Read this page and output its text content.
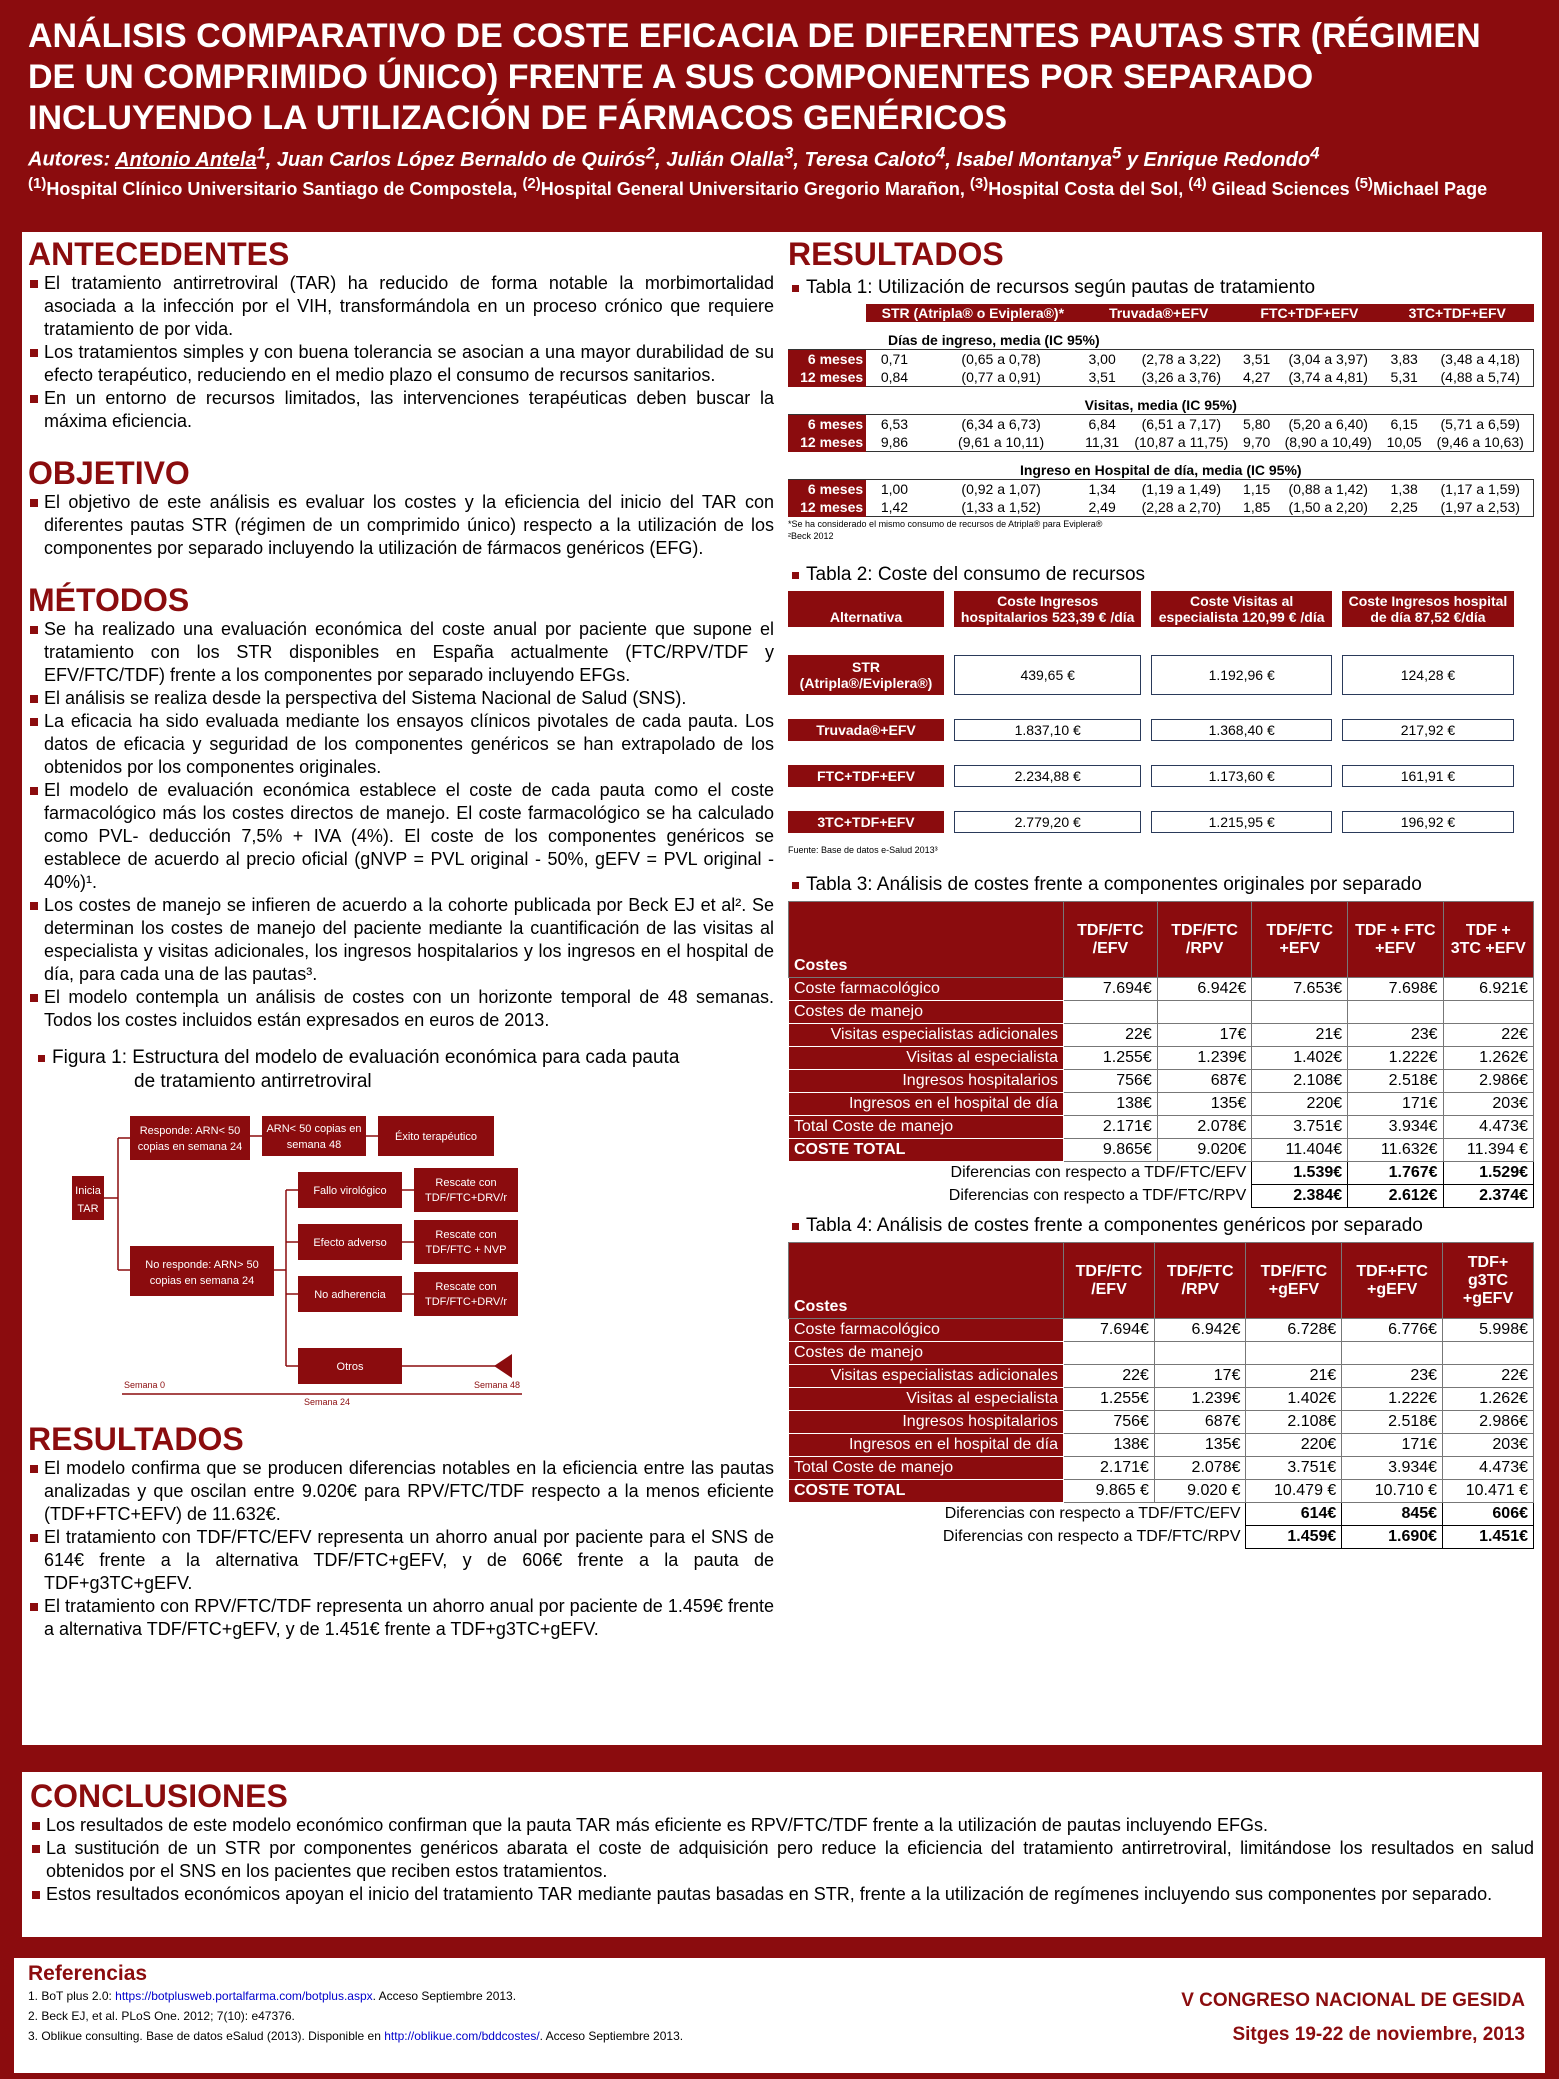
ANÁLISIS COMPARATIVO DE COSTE EFICACIA DE DIFERENTES PAUTAS STR (RÉGIMEN DE UN COMPRIMIDO ÚNICO) FRENTE A SUS COMPONENTES POR SEPARADO INCLUYENDO LA UTILIZACIÓN DE FÁRMACOS GENÉRICOS
Autores: Antonio Antela$^1$, Juan Carlos López Bernaldo de Quirós$^2$, Julián Olalla$^3$, Teresa Caloto$^4$, Isabel Montanya$^5$ y Enrique Redondo$^4$
$^{(1)}$Hospital Clínico Universitario Santiago de Compostela, $^{(2)}$Hospital General Universitario Gregorio Marañon, $^{(3)}$Hospital Costa del Sol, $^{(4)}$ Gilead Sciences $^{(5)}$Michael Page
ANTECEDENTES
El tratamiento antirretroviral (TAR) ha reducido de forma notable la morbimortalidad asociada a la infección por el VIH, transformándola en un proceso crónico que requiere tratamiento de por vida.
Los tratamientos simples y con buena tolerancia se asocian a una mayor durabilidad de su efecto terapéutico, reduciendo en el medio plazo el consumo de recursos sanitarios.
En un entorno de recursos limitados, las intervenciones terapéuticas deben buscar la máxima eficiencia.
OBJETIVO
El objetivo de este análisis es evaluar los costes y la eficiencia del inicio del TAR con diferentes pautas STR (régimen de un comprimido único) respecto a la utilización de los componentes por separado incluyendo la utilización de fármacos genéricos (EFG).
MÉTODOS
Se ha realizado una evaluación económica del coste anual por paciente que supone el tratamiento con los STR disponibles en España actualmente (FTC/RPV/TDF y EFV/FTC/TDF) frente a los componentes por separado incluyendo EFGs.
El análisis se realiza desde la perspectiva del Sistema Nacional de Salud (SNS).
La eficacia ha sido evaluada mediante los ensayos clínicos pivotales de cada pauta. Los datos de eficacia y seguridad de los componentes genéricos se han extrapolado de los obtenidos por los componentes originales.
El modelo de evaluación económica establece el coste de cada pauta como el coste farmacológico más los costes directos de manejo. El coste farmacológico se ha calculado como PVL- deducción 7,5% + IVA (4%). El coste de los componentes genéricos se establece de acuerdo al precio oficial (gNVP = PVL original - 50%, gEFV = PVL original - 40%)¹.
Los costes de manejo se infieren de acuerdo a la cohorte publicada por Beck EJ et al². Se determinan los costes de manejo del paciente mediante la cuantificación de las visitas al especialista y visitas adicionales, los ingresos hospitalarios y los ingresos en el hospital de día, para cada una de las pautas³.
El modelo contempla un análisis de costes con un horizonte temporal de 48 semanas. Todos los costes incluidos están expresados en euros de 2013.
Figura 1: Estructura del modelo de evaluación económica para cada pauta
de tratamiento antirretroviral
Inicia
TAR
Responde: ARN< 50
copias en semana 24
ARN< 50 copias en
semana 48
Éxito terapéutico
No responde: ARN> 50
copias en semana 24
Fallo virológico
Efecto adverso
No adherencia
Otros
Rescate con
TDF/FTC+DRV/r
Rescate con
TDF/FTC + NVP
Rescate con
TDF/FTC+DRV/r
Semana 0
Semana 24
Semana 48
RESULTADOS
El modelo confirma que se producen diferencias notables en la eficiencia entre las pautas analizadas y que oscilan entre 9.020€ para RPV/FTC/TDF respecto a la menos eficiente (TDF+FTC+EFV) de 11.632€.
El tratamiento con TDF/FTC/EFV representa un ahorro anual por paciente para el SNS de 614€ frente a la alternativa TDF/FTC+gEFV, y de 606€ frente a la pauta de TDF+g3TC+gEFV.
El tratamiento con RPV/FTC/TDF representa un ahorro anual por paciente de 1.459€ frente a alternativa TDF/FTC+gEFV, y de 1.451€ frente a TDF+g3TC+gEFV.
RESULTADOS
Tabla 1: Utilización de recursos según pautas de tratamiento
	STR (Atripla® o Eviplera®)*		Truvada®+EFV		FTC+TDF+EFV		3TC+TDF+EFV	
Días de ingreso, media (IC 95%)								
6 meses	0,71	(0,65 a 0,78)	3,00	(2,78 a 3,22)	3,51	(3,04 a 3,97)	3,83	(3,48 a 4,18)
12 meses	0,84	(0,77 a 0,91)	3,51	(3,26 a 3,76)	4,27	(3,74 a 4,81)	5,31	(4,88 a 5,74)
Visitas, media (IC 95%)								
6 meses	6,53	(6,34 a 6,73)	6,84	(6,51 a 7,17)	5,80	(5,20 a 6,40)	6,15	(5,71 a 6,59)
12 meses	9,86	(9,61 a 10,11)	11,31	(10,87 a 11,75)	9,70	(8,90 a 10,49)	10,05	(9,46 a 10,63)
Ingreso en Hospital de día, media (IC 95%)								
6 meses	1,00	(0,92 a 1,07)	1,34	(1,19 a 1,49)	1,15	(0,88 a 1,42)	1,38	(1,17 a 1,59)
12 meses	1,42	(1,33 a 1,52)	2,49	(2,28 a 2,70)	1,85	(1,50 a 2,20)	2,25	(1,97 a 2,53)
*Se ha considerado el mismo consumo de recursos de Atripla® para Eviplera®
²Beck 2012
Tabla 2: Coste del consumo de recursos
Alternativa	Coste Ingresos hospitalarios 523,39 € /día	Coste Visitas al especialista 120,99 € /día	Coste Ingresos hospital de día 87,52 €/día

STR (Atripla®/Eviplera®)	439,65 €	1.192,96 €	124,28 €

Truvada®+EFV	1.837,10 €	1.368,40 €	217,92 €

FTC+TDF+EFV	2.234,88 €	1.173,60 €	161,91 €

3TC+TDF+EFV	2.779,20 €	1.215,95 €	196,92 €
Fuente: Base de datos e-Salud 2013³
Tabla 3: Análisis de costes frente a componentes originales por separado
Costes	TDF/FTC /EFV	TDF/FTC /RPV	TDF/FTC +EFV	TDF + FTC +EFV	TDF + 3TC +EFV
Coste farmacológico	7.694€	6.942€	7.653€	7.698€	6.921€
Costes de manejo					
Visitas especialistas adicionales	22€	17€	21€	23€	22€
Visitas al especialista	1.255€	1.239€	1.402€	1.222€	1.262€
Ingresos hospitalarios	756€	687€	2.108€	2.518€	2.986€
Ingresos en el hospital de día	138€	135€	220€	171€	203€
Total Coste de manejo	2.171€	2.078€	3.751€	3.934€	4.473€
COSTE TOTAL	9.865€	9.020€	11.404€	11.632€	11.394 €
Diferencias con respecto a TDF/FTC/EFV			1.539€	1.767€	1.529€
Diferencias con respecto a TDF/FTC/RPV			2.384€	2.612€	2.374€
Tabla 4: Análisis de costes frente a componentes genéricos por separado
Costes	TDF/FTC /EFV	TDF/FTC /RPV	TDF/FTC +gEFV	TDF+FTC +gEFV	TDF+ g3TC +gEFV
Coste farmacológico	7.694€	6.942€	6.728€	6.776€	5.998€
Costes de manejo					
Visitas especialistas adicionales	22€	17€	21€	23€	22€
Visitas al especialista	1.255€	1.239€	1.402€	1.222€	1.262€
Ingresos hospitalarios	756€	687€	2.108€	2.518€	2.986€
Ingresos en el hospital de día	138€	135€	220€	171€	203€
Total Coste de manejo	2.171€	2.078€	3.751€	3.934€	4.473€
COSTE TOTAL	9.865 €	9.020 €	10.479 €	10.710 €	10.471 €
Diferencias con respecto a TDF/FTC/EFV			614€	845€	606€
Diferencias con respecto a TDF/FTC/RPV			1.459€	1.690€	1.451€
CONCLUSIONES
Los resultados de este modelo económico confirman que la pauta TAR más eficiente es RPV/FTC/TDF frente a la utilización de pautas incluyendo EFGs.
La sustitución de un STR por componentes genéricos abarata el coste de adquisición pero reduce la eficiencia del tratamiento antirretroviral, limitándose los resultados en salud obtenidos por el SNS en los pacientes que reciben estos tratamientos.
Estos resultados económicos apoyan el inicio del tratamiento TAR mediante pautas basadas en STR, frente a la utilización de regímenes incluyendo sus componentes por separado.
Referencias
1. BoT plus 2.0: https://botplusweb.portalfarma.com/botplus.aspx. Acceso Septiembre 2013.
2. Beck EJ, et al. PLoS One. 2012; 7(10): e47376.
3. Oblikue consulting. Base de datos eSalud (2013). Disponible en http://oblikue.com/bddcostes/. Acceso Septiembre 2013.
V CONGRESO NACIONAL DE GESIDA
Sitges 19-22 de noviembre, 2013
